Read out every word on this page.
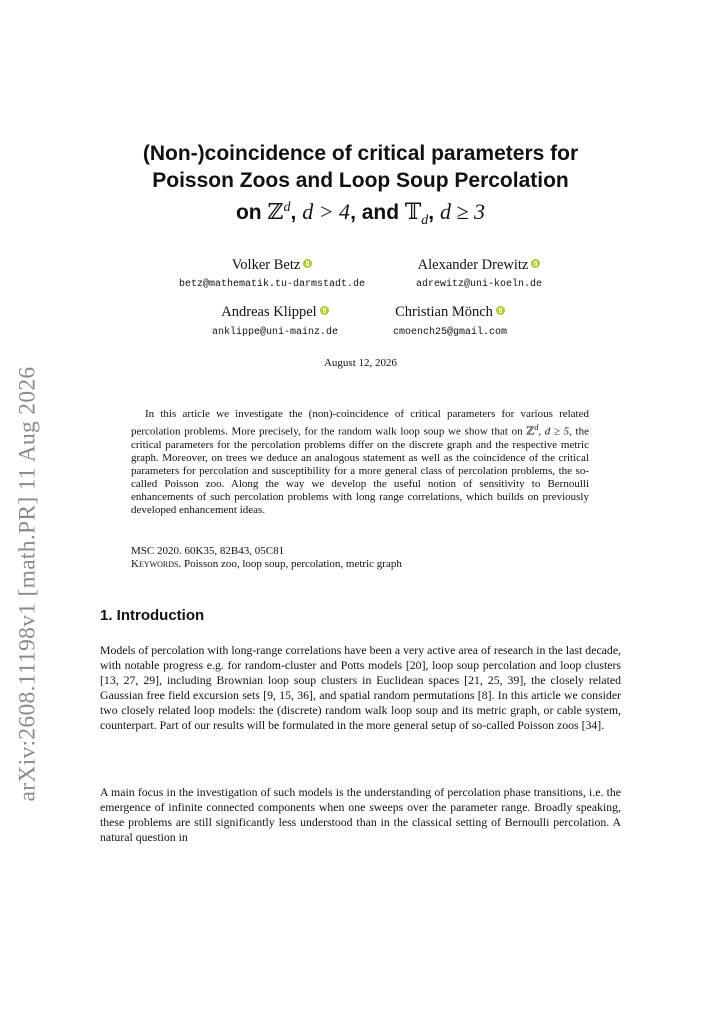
arXiv:2608.11198v1 [math.PR] 11 Aug 2026
(Non-)coincidence of critical parameters for
Poisson Zoos and Loop Soup Percolation
on ℤ$^d$, d > 4, and 𝕋$_d$, d ≥ 3
Volker Betz
betz@mathematik.tu-darmstadt.de
Alexander Drewitz
adrewitz@uni-koeln.de
Andreas Klippel
anklippe@uni-mainz.de
Christian Mönch
cmoench25@gmail.com
August 12, 2026
In this article we investigate the (non)-coincidence of critical parameters for various related percolation problems. More precisely, for the random walk loop soup we show that on ℤ$^d$, d ≥ 5, the critical parameters for the percolation problems differ on the discrete graph and the respective metric graph. Moreover, on trees we deduce an analogous statement as well as the coincidence of the critical parameters for percolation and susceptibility for a more general class of percolation problems, the so-called Poisson zoo. Along the way we develop the useful notion of sensitivity to Bernoulli enhancements of such percolation problems with long range correlations, which builds on previously developed enhancement ideas.
MSC 2020. 60K35, 82B43, 05C81
Keywords. Poisson zoo, loop soup, percolation, metric graph
1. Introduction
Models of percolation with long-range correlations have been a very active area of research in the last decade, with notable progress e.g. for random-cluster and Potts models [20], loop soup percolation and loop clusters [13, 27, 29], including Brownian loop soup clusters in Euclidean spaces [21, 25, 39], the closely related Gaussian free field excursion sets [9, 15, 36], and spatial random permutations [8]. In this article we consider two closely related loop models: the (discrete) random walk loop soup and its metric graph, or cable system, counterpart. Part of our results will be formulated in the more general setup of so-called Poisson zoos [34].
A main focus in the investigation of such models is the understanding of percolation phase transitions, i.e. the emergence of infinite connected components when one sweeps over the parameter range. Broadly speaking, these problems are still significantly less understood than in the classical setting of Bernoulli percolation. A natural question in
